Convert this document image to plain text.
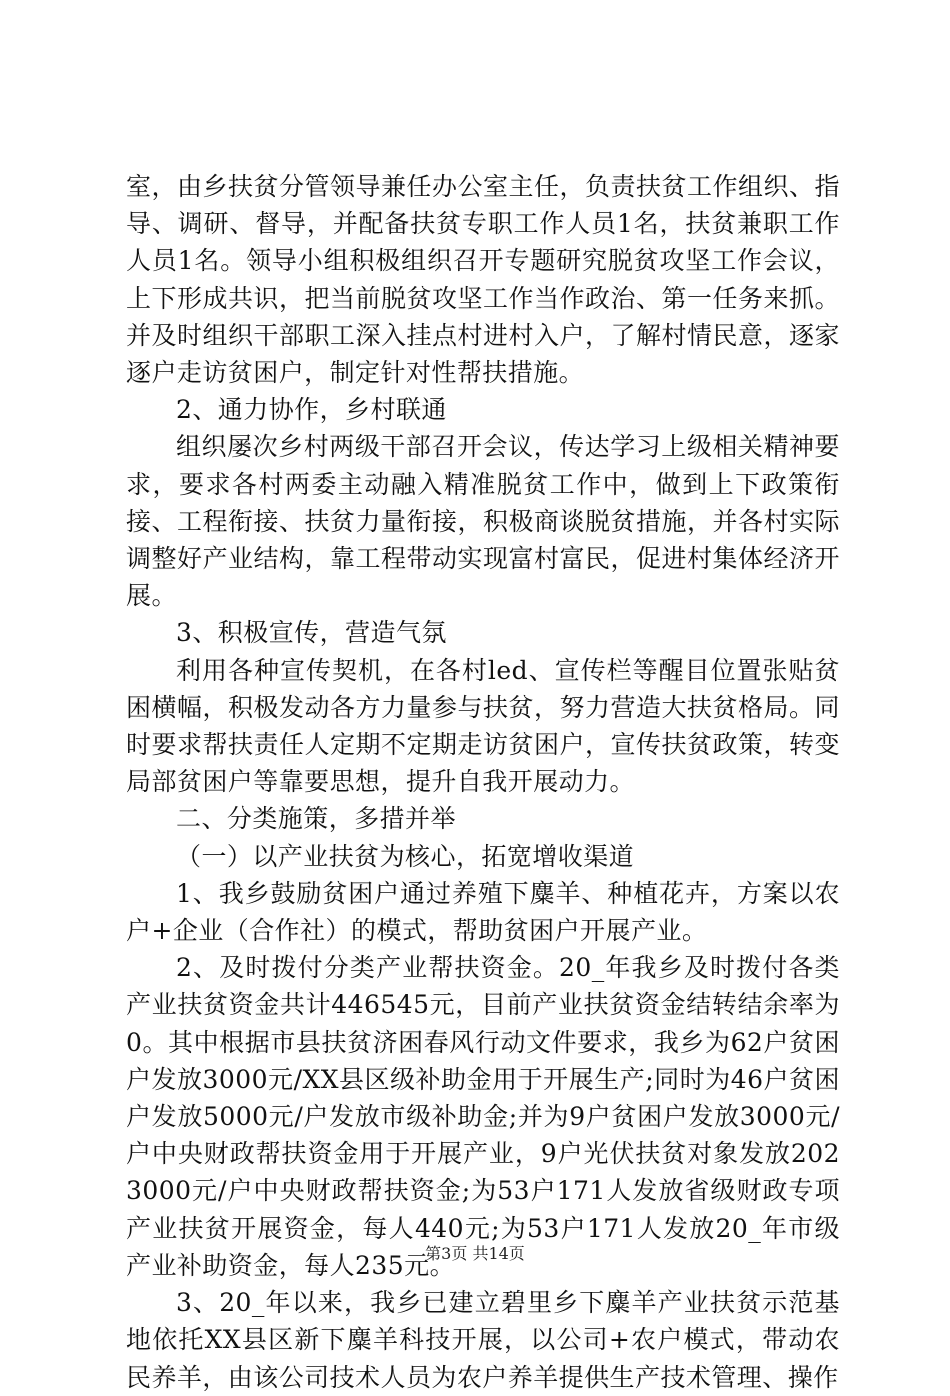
室，由乡扶贫分管领导兼任办公室主任，负责扶贫工作组织、指导、调研、督导，并配备扶贫专职工作人员1名，扶贫兼职工作人员1名。领导小组积极组织召开专题研究脱贫攻坚工作会议，上下形成共识，把当前脱贫攻坚工作当作政治、第一任务来抓。并及时组织干部职工深入挂点村进村入户，了解村情民意，逐家逐户走访贫困户，制定针对性帮扶措施。

2、通力协作，乡村联通

组织屡次乡村两级干部召开会议，传达学习上级相关精神要求，要求各村两委主动融入精准脱贫工作中，做到上下政策衔接、工程衔接、扶贫力量衔接，积极商谈脱贫措施，并各村实际调整好产业结构，靠工程带动实现富村富民，促进村集体经济开展。

3、积极宣传，营造气氛

利用各种宣传契机，在各村led、宣传栏等醒目位置张贴贫困横幅，积极发动各方力量参与扶贫，努力营造大扶贫格局。同时要求帮扶责任人定期不定期走访贫困户，宣传扶贫政策，转变局部贫困户等靠要思想，提升自我开展动力。

二、分类施策，多措并举

（一）以产业扶贫为核心，拓宽增收渠道

1、我乡鼓励贫困户通过养殖下麋羊、种植花卉，方案以农户+企业（合作社）的模式，帮助贫困户开展产业。

2、及时拨付分类产业帮扶资金。20_年我乡及时拨付各类产业扶贫资金共计446545元，目前产业扶贫资金结转结余率为0。其中根据市县扶贫济困春风行动文件要求，我乡为62户贫困户发放3000元/XX县区级补助金用于开展生产;同时为46户贫困户发放5000元/户发放市级补助金;并为9户贫困户发放3000元/户中央财政帮扶资金用于开展产业，9户光伏扶贫对象发放2023000元/户中央财政帮扶资金;为53户171人发放省级财政专项产业扶贫开展资金，每人440元;为53户171人发放20_年市级产业补助资金，每人235元。

3、20_年以来，我乡已建立碧里乡下麋羊产业扶贫示范基地依托XX县区新下麋羊科技开展，以公司+农户模式，带动农民养羊，由该公司技术人员为农户养羊提供生产技术管理、操作

第3页 共14页
